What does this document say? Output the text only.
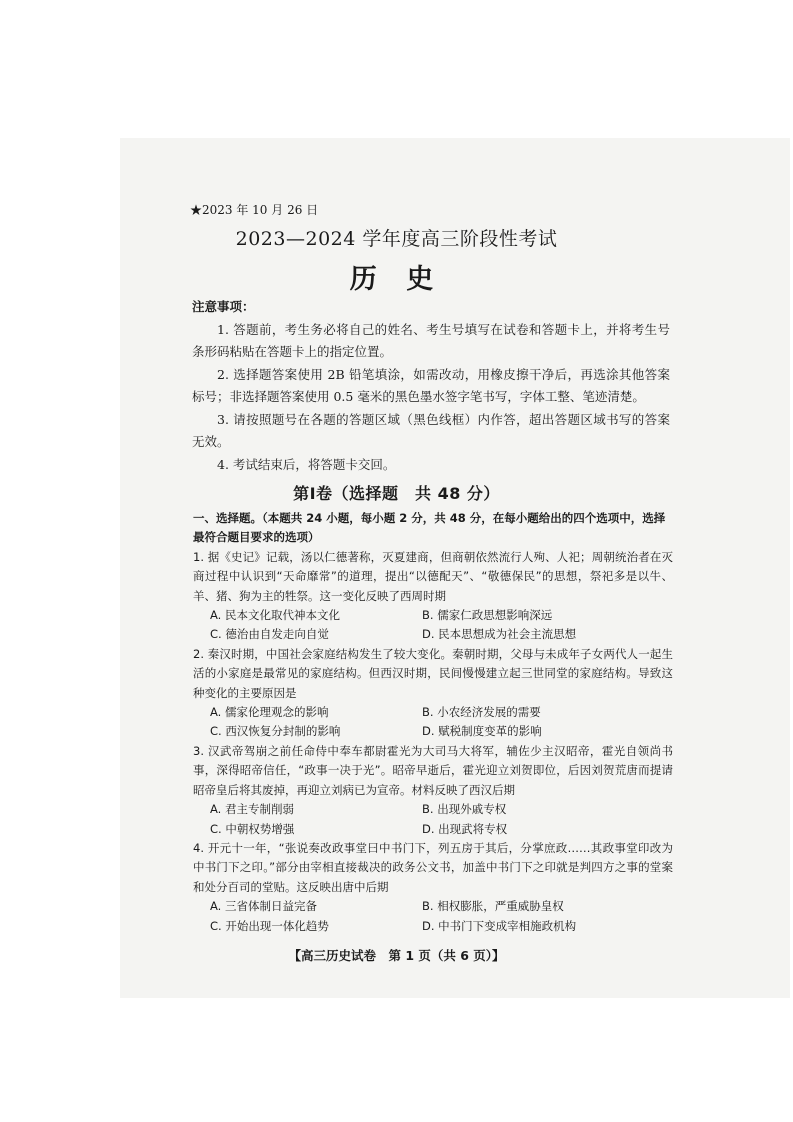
★2023 年 10 月 26 日
2023—2024 学年度高三阶段性考试
历 史
注意事项：
1. 答题前，考生务必将自己的姓名、考生号填写在试卷和答题卡上，并将考生号条形码粘贴在答题卡上的指定位置。
2. 选择题答案使用 2B 铅笔填涂，如需改动，用橡皮擦干净后，再选涂其他答案标号；非选择题答案使用 0.5 毫米的黑色墨水签字笔书写，字体工整、笔迹清楚。
3. 请按照题号在各题的答题区域（黑色线框）内作答，超出答题区域书写的答案无效。
4. 考试结束后，将答题卡交回。
第Ⅰ卷（选择题　共 48 分）
一、选择题。（本题共 24 小题，每小题 2 分，共 48 分，在每小题给出的四个选项中，选择最符合题目要求的选项）
1. 据《史记》记载，汤以仁德著称，灭夏建商，但商朝依然流行人殉、人祀；周朝统治者在灭商过程中认识到“天命靡常”的道理，提出“以德配天”、“敬德保民”的思想，祭祀多是以牛、羊、猪、狗为主的牲祭。这一变化反映了西周时期
A. 民本文化取代神本文化	B. 儒家仁政思想影响深远
C. 德治由自发走向自觉	D. 民本思想成为社会主流思想
2. 秦汉时期，中国社会家庭结构发生了较大变化。秦朝时期，父母与未成年子女两代人一起生活的小家庭是最常见的家庭结构。但西汉时期，民间慢慢建立起三世同堂的家庭结构。导致这种变化的主要原因是
A. 儒家伦理观念的影响	B. 小农经济发展的需要
C. 西汉恢复分封制的影响	D. 赋税制度变革的影响
3. 汉武帝驾崩之前任命侍中奉车都尉霍光为大司马大将军，辅佐少主汉昭帝，霍光自领尚书事，深得昭帝信任，“政事一决于光”。昭帝早逝后，霍光迎立刘贺即位，后因刘贺荒唐而提请昭帝皇后将其废掉，再迎立刘病已为宣帝。材料反映了西汉后期
A. 君主专制削弱	B. 出现外戚专权
C. 中朝权势增强	D. 出现武将专权
4. 开元十一年，“张说奏改政事堂曰中书门下，列五房于其后，分掌庶政……其政事堂印改为中书门下之印。”部分由宰相直接裁决的政务公文书，加盖中书门下之印就是判四方之事的堂案和处分百司的堂贴。这反映出唐中后期
A. 三省体制日益完备	B. 相权膨胀，严重威胁皇权
C. 开始出现一体化趋势	D. 中书门下变成宰相施政机构
【高三历史试卷　第 1 页（共 6 页）】
